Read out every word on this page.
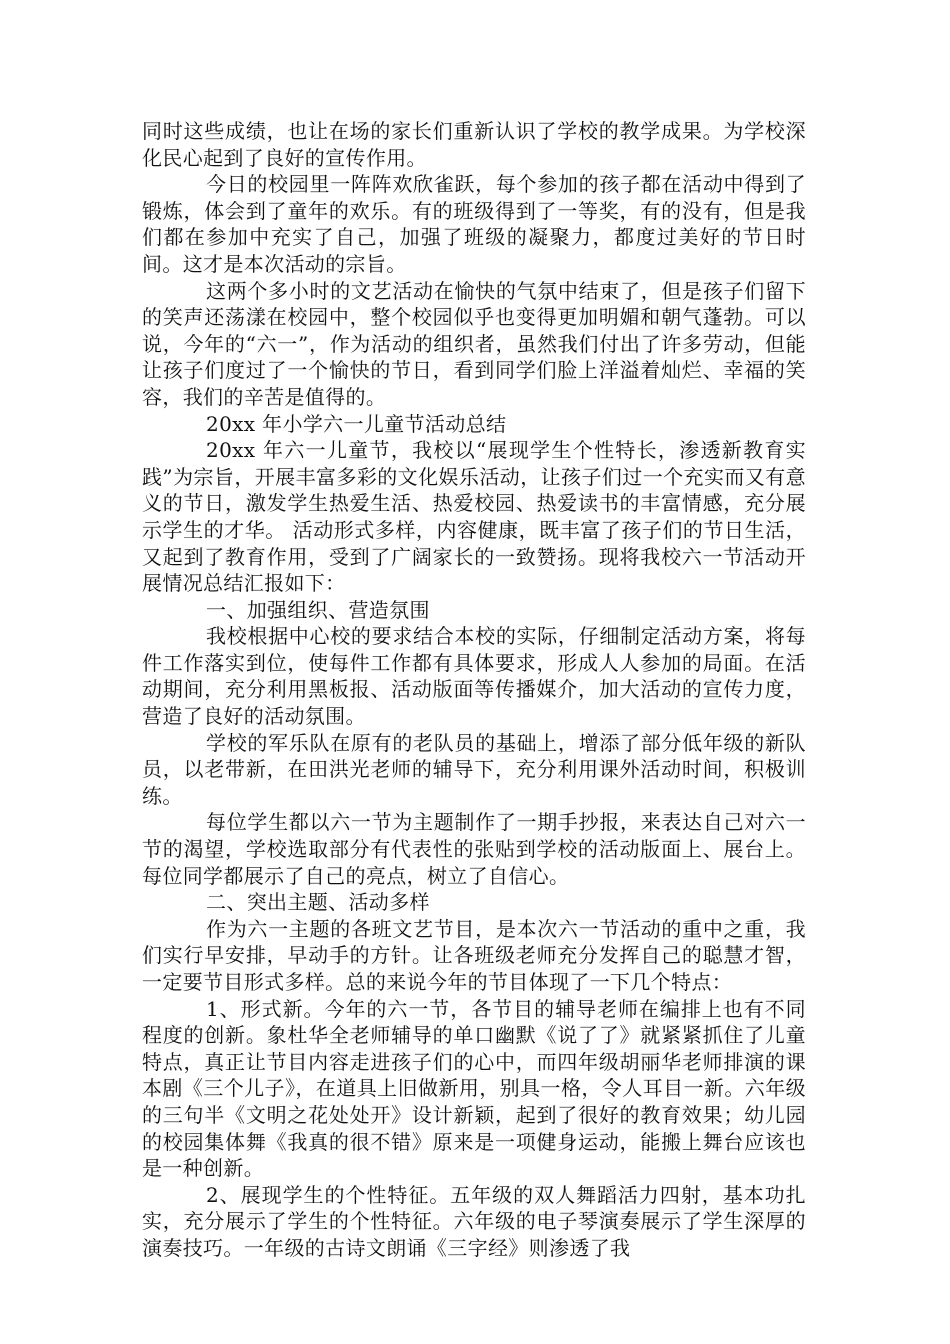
同时这些成绩，也让在场的家长们重新认识了学校的教学成果。为学校深化民心起到了良好的宣传作用。

今日的校园里一阵阵欢欣雀跃，每个参加的孩子都在活动中得到了锻炼，体会到了童年的欢乐。有的班级得到了一等奖，有的没有，但是我们都在参加中充实了自己，加强了班级的凝聚力，都度过美好的节日时间。这才是本次活动的宗旨。

这两个多小时的文艺活动在愉快的气氛中结束了，但是孩子们留下的笑声还荡漾在校园中，整个校园似乎也变得更加明媚和朝气蓬勃。可以说，今年的“六一”，作为活动的组织者，虽然我们付出了许多劳动，但能让孩子们度过了一个愉快的节日，看到同学们脸上洋溢着灿烂、幸福的笑容，我们的辛苦是值得的。

20xx 年小学六一儿童节活动总结

20xx 年六一儿童节，我校以“展现学生个性特长，渗透新教育实践”为宗旨，开展丰富多彩的文化娱乐活动，让孩子们过一个充实而又有意义的节日，激发学生热爱生活、热爱校园、热爱读书的丰富情感，充分展示学生的才华。 活动形式多样，内容健康，既丰富了孩子们的节日生活，又起到了教育作用，受到了广阔家长的一致赞扬。现将我校六一节活动开展情况总结汇报如下：

一、加强组织、营造氛围

我校根据中心校的要求结合本校的实际，仔细制定活动方案，将每件工作落实到位，使每件工作都有具体要求，形成人人参加的局面。在活动期间，充分利用黑板报、活动版面等传播媒介，加大活动的宣传力度，营造了良好的活动氛围。

学校的军乐队在原有的老队员的基础上，增添了部分低年级的新队员，以老带新，在田洪光老师的辅导下，充分利用课外活动时间，积极训练。

每位学生都以六一节为主题制作了一期手抄报，来表达自己对六一节的渴望，学校选取部分有代表性的张贴到学校的活动版面上、展台上。每位同学都展示了自己的亮点，树立了自信心。

二、突出主题、活动多样

作为六一主题的各班文艺节目，是本次六一节活动的重中之重，我们实行早安排，早动手的方针。让各班级老师充分发挥自己的聪慧才智，一定要节目形式多样。总的来说今年的节目体现了一下几个特点：

1、形式新。今年的六一节，各节目的辅导老师在编排上也有不同程度的创新。象杜华全老师辅导的单口幽默《说了了》就紧紧抓住了儿童特点，真正让节目内容走进孩子们的心中，而四年级胡丽华老师排演的课本剧《三个儿子》，在道具上旧做新用，别具一格，令人耳目一新。六年级的三句半《文明之花处处开》设计新颖，起到了很好的教育效果；幼儿园的校园集体舞《我真的很不错》原来是一项健身运动，能搬上舞台应该也是一种创新。

2、展现学生的个性特征。五年级的双人舞蹈活力四射，基本功扎实，充分展示了学生的个性特征。六年级的电子琴演奏展示了学生深厚的演奏技巧。一年级的古诗文朗诵《三字经》则渗透了我
